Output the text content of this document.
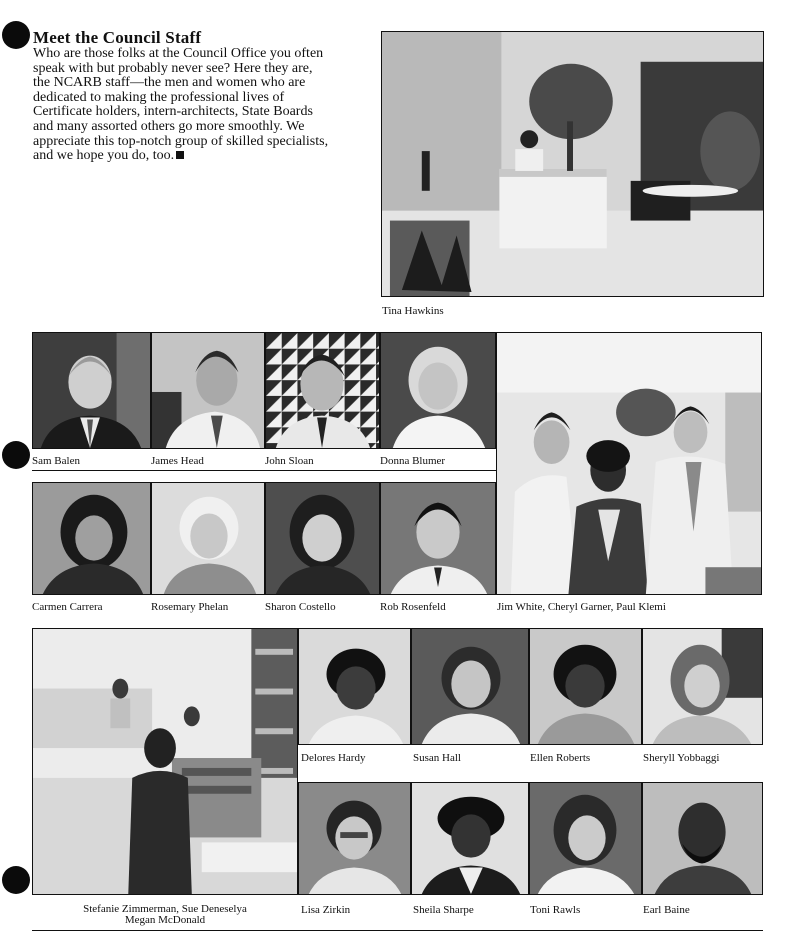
Meet the Council Staff
Who are those folks at the Council Office you often speak with but probably never see? Here they are, the NCARB staff—the men and women who are dedicated to making the professional lives of Certificate holders, intern-architects, State Boards and many assorted others go more smoothly. We appreciate this top-notch group of skilled specialists, and we hope you do, too.
Tina Hawkins
Sam Balen	James Head	John Sloan	Donna Blumer
Carmen Carrera	Rosemary Phelan	Sharon Costello	Rob Rosenfeld	Jim White, Cheryl Garner, Paul Klemi
Delores Hardy	Susan Hall	Ellen Roberts	Sheryll Yobbaggi
Stefanie Zimmerman, Sue Deneselya
Megan McDonald
Lisa Zirkin	Sheila Sharpe	Toni Rawls	Earl Baine
